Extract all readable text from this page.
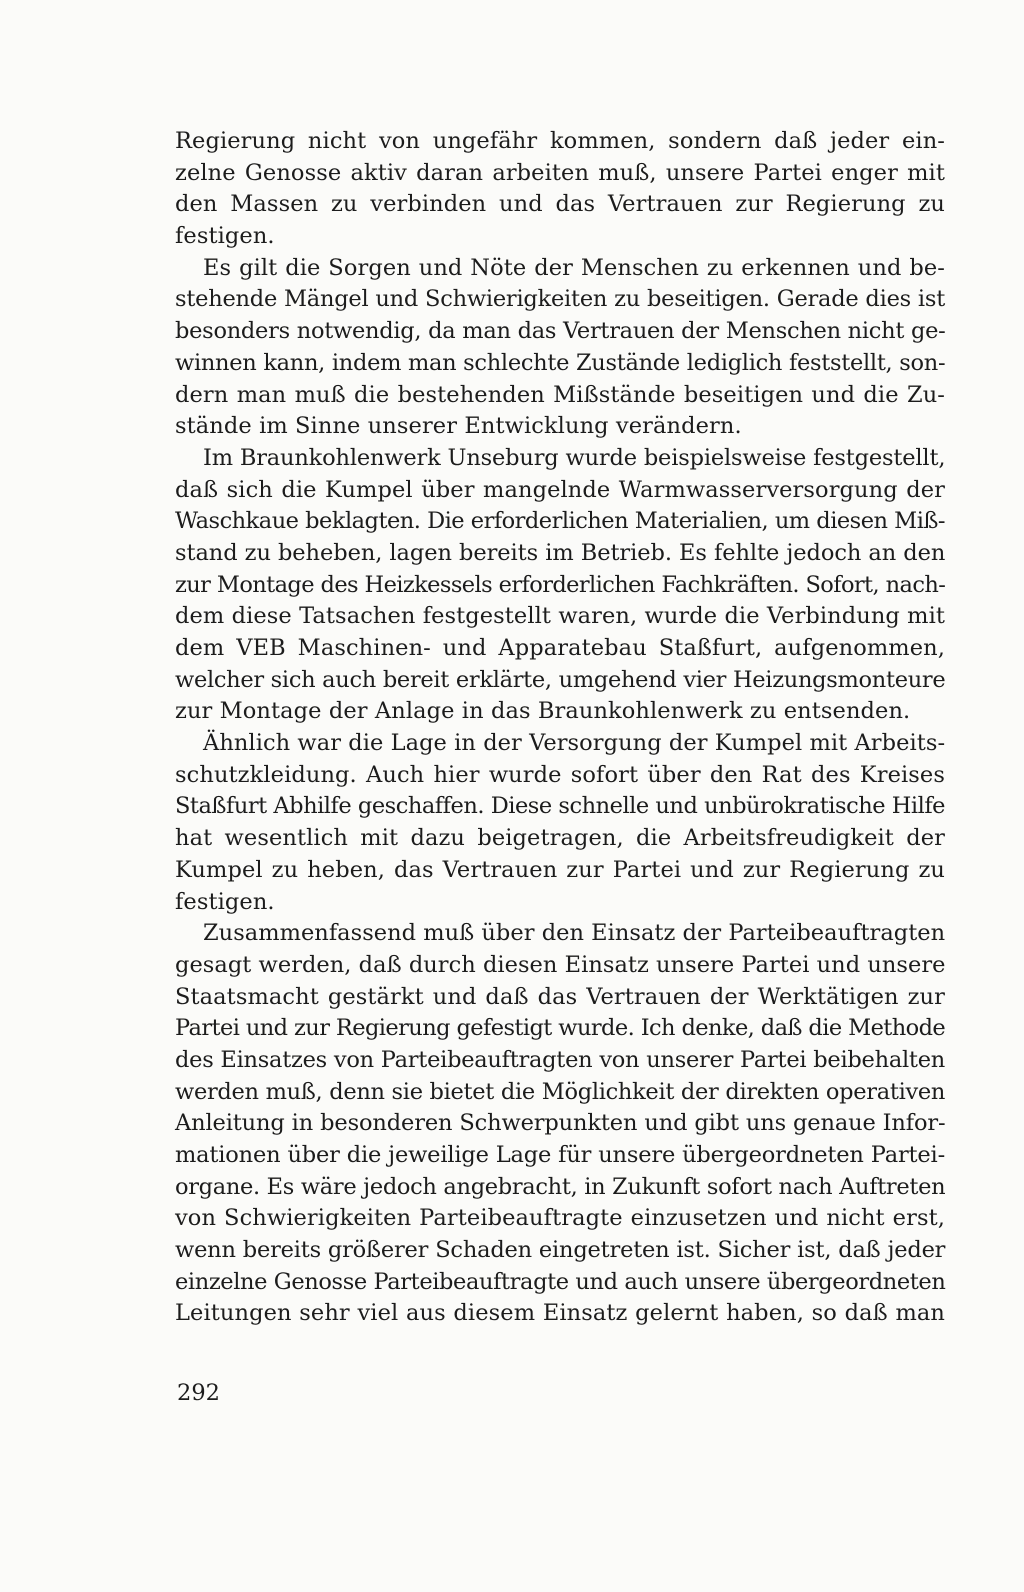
Regierung nicht von ungefähr kommen, sondern daß jeder ein-
zelne Genosse aktiv daran arbeiten muß, unsere Partei enger mit
den Massen zu verbinden und das Vertrauen zur Regierung zu
festigen.
Es gilt die Sorgen und Nöte der Menschen zu erkennen und be-
stehende Mängel und Schwierigkeiten zu beseitigen. Gerade dies ist
besonders notwendig, da man das Vertrauen der Menschen nicht ge-
winnen kann, indem man schlechte Zustände lediglich feststellt, son-
dern man muß die bestehenden Mißstände beseitigen und die Zu-
stände im Sinne unserer Entwicklung verändern.
Im Braunkohlenwerk Unseburg wurde beispielsweise festgestellt,
daß sich die Kumpel über mangelnde Warmwasserversorgung der
Waschkaue beklagten. Die erforderlichen Materialien, um diesen Miß-
stand zu beheben, lagen bereits im Betrieb. Es fehlte jedoch an den
zur Montage des Heizkessels erforderlichen Fachkräften. Sofort, nach-
dem diese Tatsachen festgestellt waren, wurde die Verbindung mit
dem VEB Maschinen- und Apparatebau Staßfurt, aufgenommen,
welcher sich auch bereit erklärte, umgehend vier Heizungsmonteure
zur Montage der Anlage in das Braunkohlenwerk zu entsenden.
Ähnlich war die Lage in der Versorgung der Kumpel mit Arbeits-
schutzkleidung. Auch hier wurde sofort über den Rat des Kreises
Staßfurt Abhilfe geschaffen. Diese schnelle und unbürokratische Hilfe
hat wesentlich mit dazu beigetragen, die Arbeitsfreudigkeit der
Kumpel zu heben, das Vertrauen zur Partei und zur Regierung zu
festigen.
Zusammenfassend muß über den Einsatz der Parteibeauftragten
gesagt werden, daß durch diesen Einsatz unsere Partei und unsere
Staatsmacht gestärkt und daß das Vertrauen der Werktätigen zur
Partei und zur Regierung gefestigt wurde. Ich denke, daß die Methode
des Einsatzes von Parteibeauftragten von unserer Partei beibehalten
werden muß, denn sie bietet die Möglichkeit der direkten operativen
Anleitung in besonderen Schwerpunkten und gibt uns genaue Infor-
mationen über die jeweilige Lage für unsere übergeordneten Partei-
organe. Es wäre jedoch angebracht, in Zukunft sofort nach Auftreten
von Schwierigkeiten Parteibeauftragte einzusetzen und nicht erst,
wenn bereits größerer Schaden eingetreten ist. Sicher ist, daß jeder
einzelne Genosse Parteibeauftragte und auch unsere übergeordneten
Leitungen sehr viel aus diesem Einsatz gelernt haben, so daß man
292
